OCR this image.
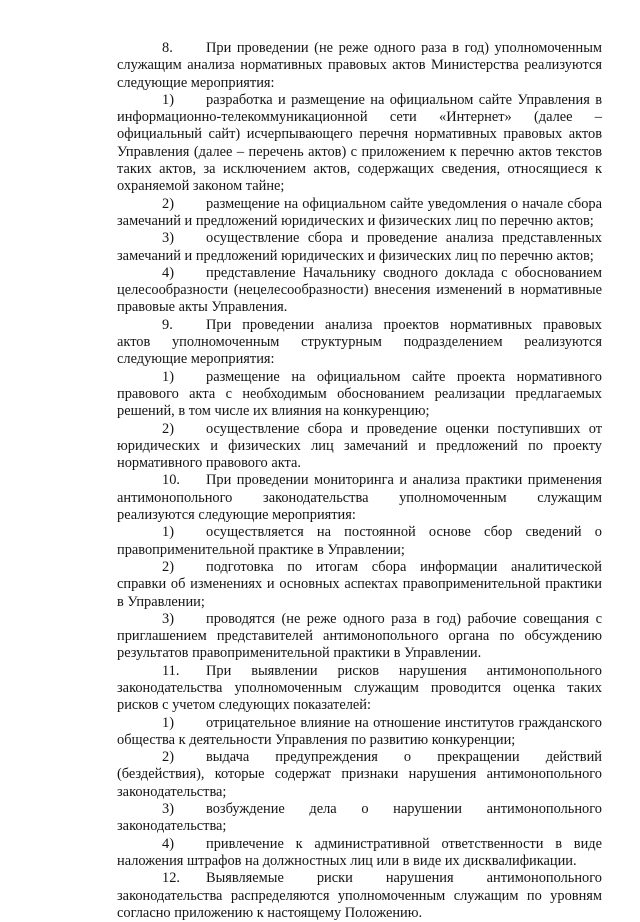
8. При проведении (не реже одного раза в год) уполномоченным служащим анализа нормативных правовых актов Министерства реализуются следующие мероприятия:

1) разработка и размещение на официальном сайте Управления в информационно-телекоммуникационной сети «Интернет» (далее – официальный сайт) исчерпывающего перечня нормативных правовых актов Управления (далее – перечень актов) с приложением к перечню актов текстов таких актов, за исключением актов, содержащих сведения, относящиеся к охраняемой законом тайне;

2) размещение на официальном сайте уведомления о начале сбора замечаний и предложений юридических и физических лиц по перечню актов;

3) осуществление сбора и проведение анализа представленных замечаний и предложений юридических и физических лиц по перечню актов;

4) представление Начальнику сводного доклада с обоснованием целесообразности (нецелесообразности) внесения изменений в нормативные правовые акты Управления.

9. При проведении анализа проектов нормативных правовых актов уполномоченным структурным подразделением реализуются следующие мероприятия:

1) размещение на официальном сайте проекта нормативного правового акта с необходимым обоснованием реализации предлагаемых решений, в том числе их влияния на конкуренцию;

2) осуществление сбора и проведение оценки поступивших от юридических и физических лиц замечаний и предложений по проекту нормативного правового акта.

10. При проведении мониторинга и анализа практики применения антимонопольного законодательства уполномоченным служащим реализуются следующие мероприятия:

1) осуществляется на постоянной основе сбор сведений о правоприменительной практике в Управлении;

2) подготовка по итогам сбора информации аналитической справки об изменениях и основных аспектах правоприменительной практики в Управлении;

3) проводятся (не реже одного раза в год) рабочие совещания с приглашением представителей антимонопольного органа по обсуждению результатов правоприменительной практики в Управлении.

11. При выявлении рисков нарушения антимонопольного законодательства уполномоченным служащим проводится оценка таких рисков с учетом следующих показателей:

1) отрицательное влияние на отношение институтов гражданского общества к деятельности Управления по развитию конкуренции;

2) выдача предупреждения о прекращении действий (бездействия), которые содержат признаки нарушения антимонопольного законодательства;

3) возбуждение дела о нарушении антимонопольного законодательства;

4) привлечение к административной ответственности в виде наложения штрафов на должностных лиц или в виде их дисквалификации.

12. Выявляемые риски нарушения антимонопольного законодательства распределяются уполномоченным служащим по уровням согласно приложению к настоящему Положению.
